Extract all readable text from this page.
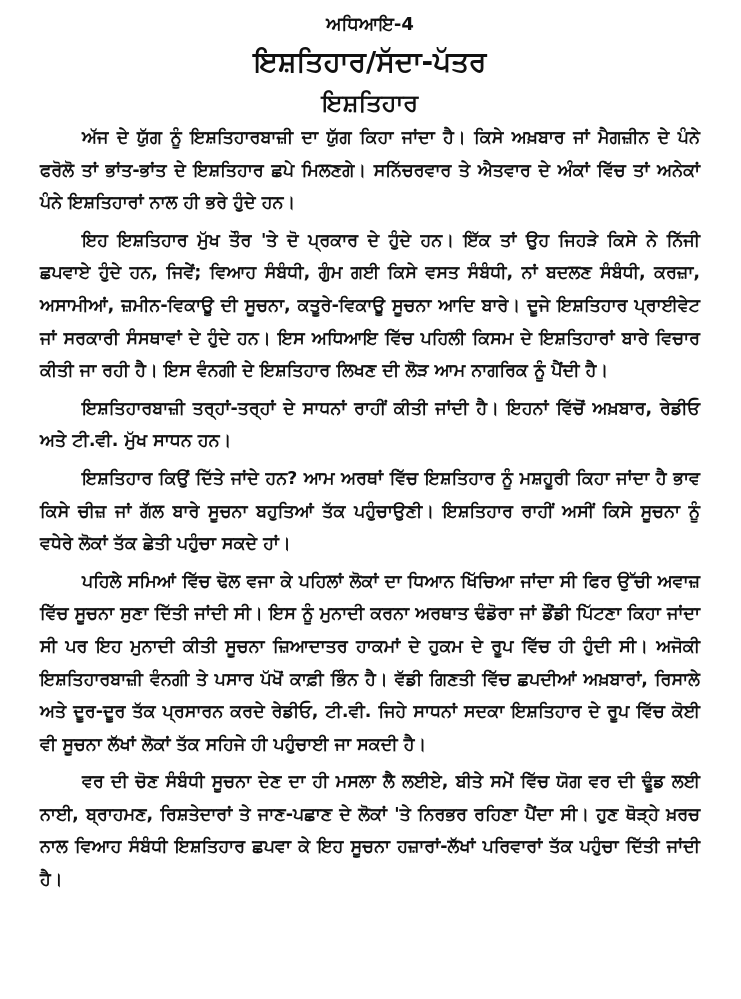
ਅਧਿਆਇ-4

ਇਸ਼ਤਿਹਾਰ/ਸੱਦਾ-ਪੱਤਰ
ਇਸ਼ਤਿਹਾਰ

ਅੱਜ ਦੇ ਯੁੱਗ ਨੂੰ ਇਸ਼ਤਿਹਾਰਬਾਜ਼ੀ ਦਾ ਯੁੱਗ ਕਿਹਾ ਜਾਂਦਾ ਹੈ। ਕਿਸੇ ਅਖ਼ਬਾਰ ਜਾਂ ਮੈਗਜ਼ੀਨ ਦੇ ਪੰਨੇ ਫਰੋਲੋ ਤਾਂ ਭਾਂਤ-ਭਾਂਤ ਦੇ ਇਸ਼ਤਿਹਾਰ ਛਪੇ ਮਿਲਣਗੇ। ਸਨਿੱਚਰਵਾਰ ਤੇ ਐਤਵਾਰ ਦੇ ਅੰਕਾਂ ਵਿੱਚ ਤਾਂ ਅਨੇਕਾਂ ਪੰਨੇ ਇਸ਼ਤਿਹਾਰਾਂ ਨਾਲ ਹੀ ਭਰੇ ਹੁੰਦੇ ਹਨ।

ਇਹ ਇਸ਼ਤਿਹਾਰ ਮੁੱਖ ਤੌਰ 'ਤੇ ਦੋ ਪ੍ਰਕਾਰ ਦੇ ਹੁੰਦੇ ਹਨ। ਇੱਕ ਤਾਂ ਉਹ ਜਿਹੜੇ ਕਿਸੇ ਨੇ ਨਿੱਜੀ ਛਪਵਾਏ ਹੁੰਦੇ ਹਨ, ਜਿਵੇਂ; ਵਿਆਹ ਸੰਬੰਧੀ, ਗੁੰਮ ਗਈ ਕਿਸੇ ਵਸਤ ਸੰਬੰਧੀ, ਨਾਂ ਬਦਲਣ ਸੰਬੰਧੀ, ਕਰਜ਼ਾ, ਅਸਾਮੀਆਂ, ਜ਼ਮੀਨ-ਵਿਕਾਊ ਦੀ ਸੂਚਨਾ, ਕਤੂਰੇ-ਵਿਕਾਊ ਸੂਚਨਾ ਆਦਿ ਬਾਰੇ। ਦੂਜੇ ਇਸ਼ਤਿਹਾਰ ਪ੍ਰਾਈਵੇਟ ਜਾਂ ਸਰਕਾਰੀ ਸੰਸਥਾਵਾਂ ਦੇ ਹੁੰਦੇ ਹਨ। ਇਸ ਅਧਿਆਇ ਵਿੱਚ ਪਹਿਲੀ ਕਿਸਮ ਦੇ ਇਸ਼ਤਿਹਾਰਾਂ ਬਾਰੇ ਵਿਚਾਰ ਕੀਤੀ ਜਾ ਰਹੀ ਹੈ। ਇਸ ਵੰਨਗੀ ਦੇ ਇਸ਼ਤਿਹਾਰ ਲਿਖਣ ਦੀ ਲੋੜ ਆਮ ਨਾਗਰਿਕ ਨੂੰ ਪੈਂਦੀ ਹੈ।

ਇਸ਼ਤਿਹਾਰਬਾਜ਼ੀ ਤਰ੍ਹਾਂ-ਤਰ੍ਹਾਂ ਦੇ ਸਾਧਨਾਂ ਰਾਹੀਂ ਕੀਤੀ ਜਾਂਦੀ ਹੈ। ਇਹਨਾਂ ਵਿੱਚੋਂ ਅਖ਼ਬਾਰ, ਰੇਡੀਓ ਅਤੇ ਟੀ.ਵੀ. ਮੁੱਖ ਸਾਧਨ ਹਨ।

ਇਸ਼ਤਿਹਾਰ ਕਿਉਂ ਦਿੱਤੇ ਜਾਂਦੇ ਹਨ? ਆਮ ਅਰਥਾਂ ਵਿੱਚ ਇਸ਼ਤਿਹਾਰ ਨੂੰ ਮਸ਼ਹੂਰੀ ਕਿਹਾ ਜਾਂਦਾ ਹੈ ਭਾਵ ਕਿਸੇ ਚੀਜ਼ ਜਾਂ ਗੱਲ ਬਾਰੇ ਸੂਚਨਾ ਬਹੁਤਿਆਂ ਤੱਕ ਪਹੁੰਚਾਉਣੀ। ਇਸ਼ਤਿਹਾਰ ਰਾਹੀਂ ਅਸੀਂ ਕਿਸੇ ਸੂਚਨਾ ਨੂੰ ਵਧੇਰੇ ਲੋਕਾਂ ਤੱਕ ਛੇਤੀ ਪਹੁੰਚਾ ਸਕਦੇ ਹਾਂ।

ਪਹਿਲੇ ਸਮਿਆਂ ਵਿੱਚ ਢੋਲ ਵਜਾ ਕੇ ਪਹਿਲਾਂ ਲੋਕਾਂ ਦਾ ਧਿਆਨ ਖਿੱਚਿਆ ਜਾਂਦਾ ਸੀ ਫਿਰ ਉੱਚੀ ਅਵਾਜ਼ ਵਿੱਚ ਸੂਚਨਾ ਸੁਣਾ ਦਿੱਤੀ ਜਾਂਦੀ ਸੀ। ਇਸ ਨੂੰ ਮੁਨਾਦੀ ਕਰਨਾ ਅਰਥਾਤ ਢੰਡੋਰਾ ਜਾਂ ਡੌਂਡੀ ਪਿੱਟਣਾ ਕਿਹਾ ਜਾਂਦਾ ਸੀ ਪਰ ਇਹ ਮੁਨਾਦੀ ਕੀਤੀ ਸੂਚਨਾ ਜ਼ਿਆਦਾਤਰ ਹਾਕਮਾਂ ਦੇ ਹੁਕਮ ਦੇ ਰੂਪ ਵਿੱਚ ਹੀ ਹੁੰਦੀ ਸੀ। ਅਜੋਕੀ ਇਸ਼ਤਿਹਾਰਬਾਜ਼ੀ ਵੰਨਗੀ ਤੇ ਪਸਾਰ ਪੱਖੋਂ ਕਾਫ਼ੀ ਭਿੰਨ ਹੈ। ਵੱਡੀ ਗਿਣਤੀ ਵਿੱਚ ਛਪਦੀਆਂ ਅਖ਼ਬਾਰਾਂ, ਰਿਸਾਲੇ ਅਤੇ ਦੂਰ-ਦੂਰ ਤੱਕ ਪ੍ਰਸਾਰਨ ਕਰਦੇ ਰੇਡੀਓ, ਟੀ.ਵੀ. ਜਿਹੇ ਸਾਧਨਾਂ ਸਦਕਾ ਇਸ਼ਤਿਹਾਰ ਦੇ ਰੂਪ ਵਿੱਚ ਕੋਈ ਵੀ ਸੂਚਨਾ ਲੱਖਾਂ ਲੋਕਾਂ ਤੱਕ ਸਹਿਜੇ ਹੀ ਪਹੁੰਚਾਈ ਜਾ ਸਕਦੀ ਹੈ।

ਵਰ ਦੀ ਚੋਣ ਸੰਬੰਧੀ ਸੂਚਨਾ ਦੇਣ ਦਾ ਹੀ ਮਸਲਾ ਲੈ ਲਈਏ, ਬੀਤੇ ਸਮੇਂ ਵਿੱਚ ਯੋਗ ਵਰ ਦੀ ਢੂੰਡ ਲਈ ਨਾਈ, ਬ੍ਰਾਹਮਣ, ਰਿਸ਼ਤੇਦਾਰਾਂ ਤੇ ਜਾਣ-ਪਛਾਣ ਦੇ ਲੋਕਾਂ 'ਤੇ ਨਿਰਭਰ ਰਹਿਣਾ ਪੈਂਦਾ ਸੀ। ਹੁਣ ਥੋੜ੍ਹੇ ਖ਼ਰਚ ਨਾਲ ਵਿਆਹ ਸੰਬੰਧੀ ਇਸ਼ਤਿਹਾਰ ਛਪਵਾ ਕੇ ਇਹ ਸੂਚਨਾ ਹਜ਼ਾਰਾਂ-ਲੱਖਾਂ ਪਰਿਵਾਰਾਂ ਤੱਕ ਪਹੁੰਚਾ ਦਿੱਤੀ ਜਾਂਦੀ ਹੈ।
